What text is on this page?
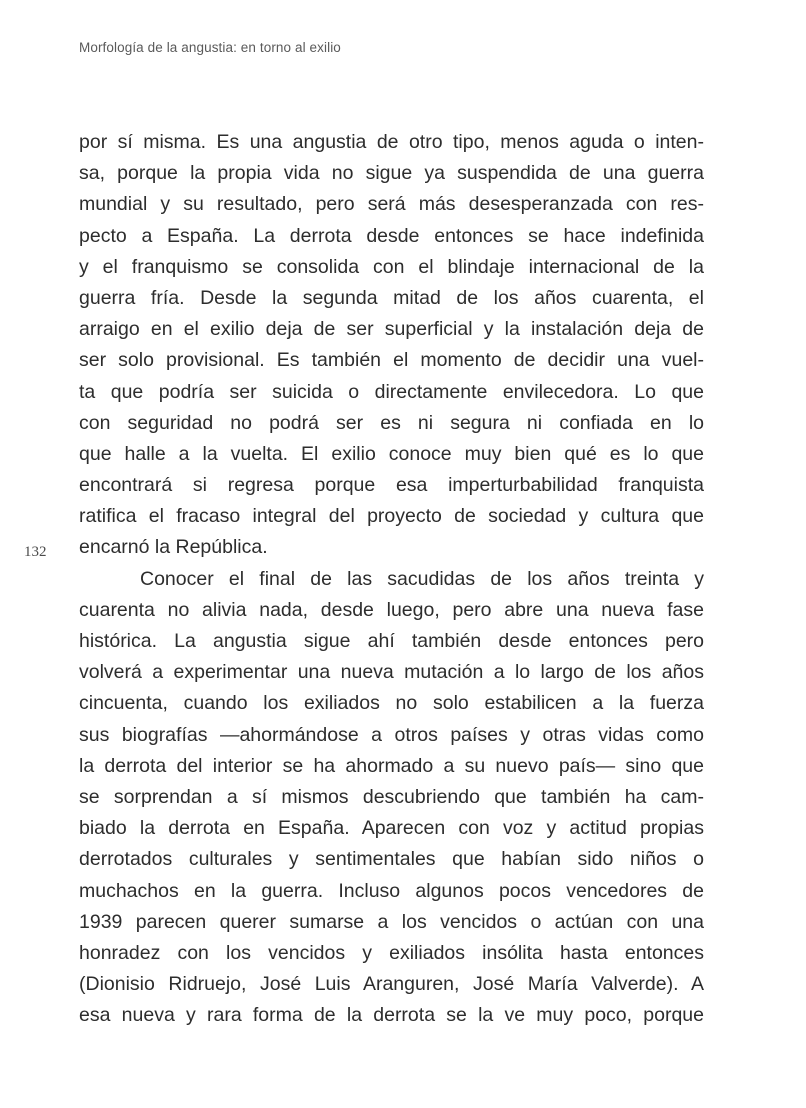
Morfología de la angustia: en torno al exilio
132
por sí misma. Es una angustia de otro tipo, menos aguda o inten-
sa, porque la propia vida no sigue ya suspendida de una guerra
mundial y su resultado, pero será más desesperanzada con res-
pecto a España. La derrota desde entonces se hace indefinida
y el franquismo se consolida con el blindaje internacional de la
guerra fría. Desde la segunda mitad de los años cuarenta, el
arraigo en el exilio deja de ser superficial y la instalación deja de
ser solo provisional. Es también el momento de decidir una vuel-
ta que podría ser suicida o directamente envilecedora. Lo que
con seguridad no podrá ser es ni segura ni confiada en lo
que halle a la vuelta. El exilio conoce muy bien qué es lo que
encontrará si regresa porque esa imperturbabilidad franquista
ratifica el fracaso integral del proyecto de sociedad y cultura que
encarnó la República.
Conocer el final de las sacudidas de los años treinta y
cuarenta no alivia nada, desde luego, pero abre una nueva fase
histórica. La angustia sigue ahí también desde entonces pero
volverá a experimentar una nueva mutación a lo largo de los años
cincuenta, cuando los exiliados no solo estabilicen a la fuerza
sus biografías —ahormándose a otros países y otras vidas como
la derrota del interior se ha ahormado a su nuevo país— sino que
se sorprendan a sí mismos descubriendo que también ha cam-
biado la derrota en España. Aparecen con voz y actitud propias
derrotados culturales y sentimentales que habían sido niños o
muchachos en la guerra. Incluso algunos pocos vencedores de
1939 parecen querer sumarse a los vencidos o actúan con una
honradez con los vencidos y exiliados insólita hasta entonces
(Dionisio Ridruejo, José Luis Aranguren, José María Valverde). A
esa nueva y rara forma de la derrota se la ve muy poco, porque
